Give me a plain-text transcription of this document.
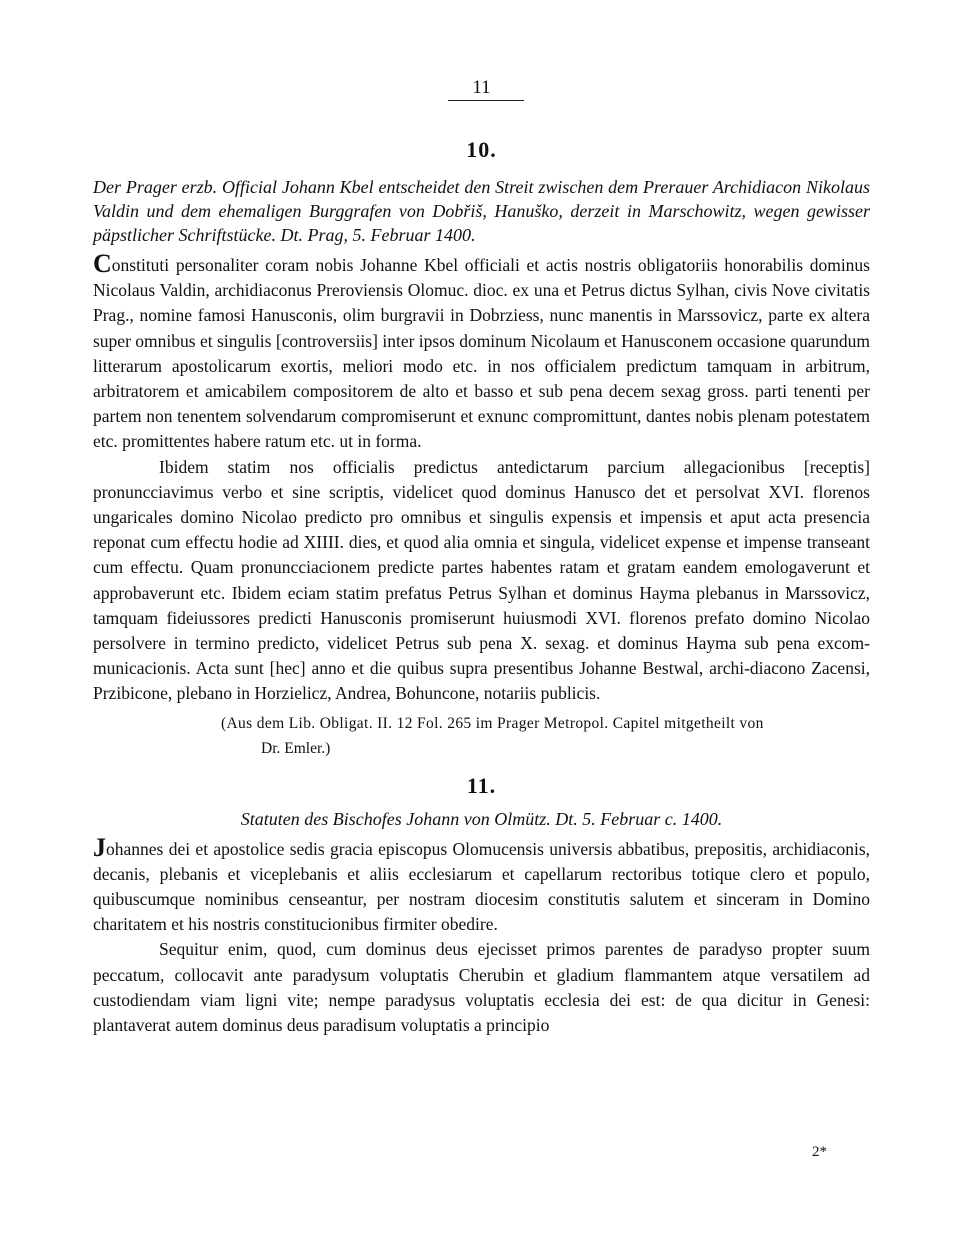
11
10.
Der Prager erzb. Official Johann Kbel entscheidet den Streit zwischen dem Prerauer Archidiacon Nikolaus Valdin und dem ehemaligen Burggrafen von Dobřiš, Hanuško, derzeit in Marschowitz, wegen gewisser päpstlicher Schriftstücke. Dt. Prag, 5. Februar 1400.

Constituti personaliter coram nobis Johanne Kbel officiali et actis nostris obligatoriis honorabilis dominus Nicolaus Valdin, archidiaconus Preroviensis Olomuc. dioc. ex una et Petrus dictus Sylhan, civis Nove civitatis Prag., nomine famosi Hanusconis, olim burgravii in Dobrziess, nunc manentis in Marssovicz, parte ex altera super omnibus et singulis [controversiis] inter ipsos dominum Nicolaum et Hanusconem occasione quarundum litterarum apostolicarum exortis, meliori modo etc. in nos officialem predictum tamquam in arbitrum, arbitratorem et amicabilem compositorem de alto et basso et sub pena decem sexag gross. parti tenenti per partem non tenentem solvendarum compromiserunt et exnunc compromittunt, dantes nobis plenam potestatem etc. promittentes habere ratum etc. ut in forma.

Ibidem statim nos officialis predictus antedictarum parcium allegacionibus [receptis] pronuncciavimus verbo et sine scriptis, videlicet quod dominus Hanusco det et persolvat XVI. florenos ungaricales domino Nicolao predicto pro omnibus et singulis expensis et impensis et aput acta presencia reponat cum effectu hodie ad XIIII. dies, et quod alia omnia et singula, videlicet expense et impense transeant cum effectu. Quam pronuncciacionem predicte partes habentes ratam et gratam eandem emologaverunt et approbaverunt etc. Ibidem eciam statim prefatus Petrus Sylhan et dominus Hayma plebanus in Marssovicz, tamquam fideiussores predicti Hanusconis promiserunt huiusmodi XVI. florenos prefato domino Nicolao persolvere in termino predicto, videlicet Petrus sub pena X. sexag. et dominus Hayma sub pena excom-municacionis. Acta sunt [hec] anno et die quibus supra presentibus Johanne Bestwal, archi-diacono Zacensi, Przibicone, plebano in Horzielicz, Andrea, Bohuncone, notariis publicis.

(Aus dem Lib. Obligat. II. 12 Fol. 265 im Prager Metropol. Capitel mitgetheilt von
Dr. Emler.)
11.
Statuten des Bischofes Johann von Olmütz. Dt. 5. Februar c. 1400.

Johannes dei et apostolice sedis gracia episcopus Olomucensis universis abbatibus, prepositis, archidiaconis, decanis, plebanis et viceplebanis et aliis ecclesiarum et capellarum rectoribus totique clero et populo, quibuscumque nominibus censeantur, per nostram diocesim constitutis salutem et sinceram in Domino charitatem et his nostris constitucionibus firmiter obedire.

Sequitur enim, quod, cum dominus deus ejecisset primos parentes de paradyso propter suum peccatum, collocavit ante paradysum voluptatis Cherubin et gladium flammantem atque versatilem ad custodiendam viam ligni vite; nempe paradysus voluptatis ecclesia dei est: de qua dicitur in Genesi: plantaverat autem dominus deus paradisum voluptatis a principio

2*
